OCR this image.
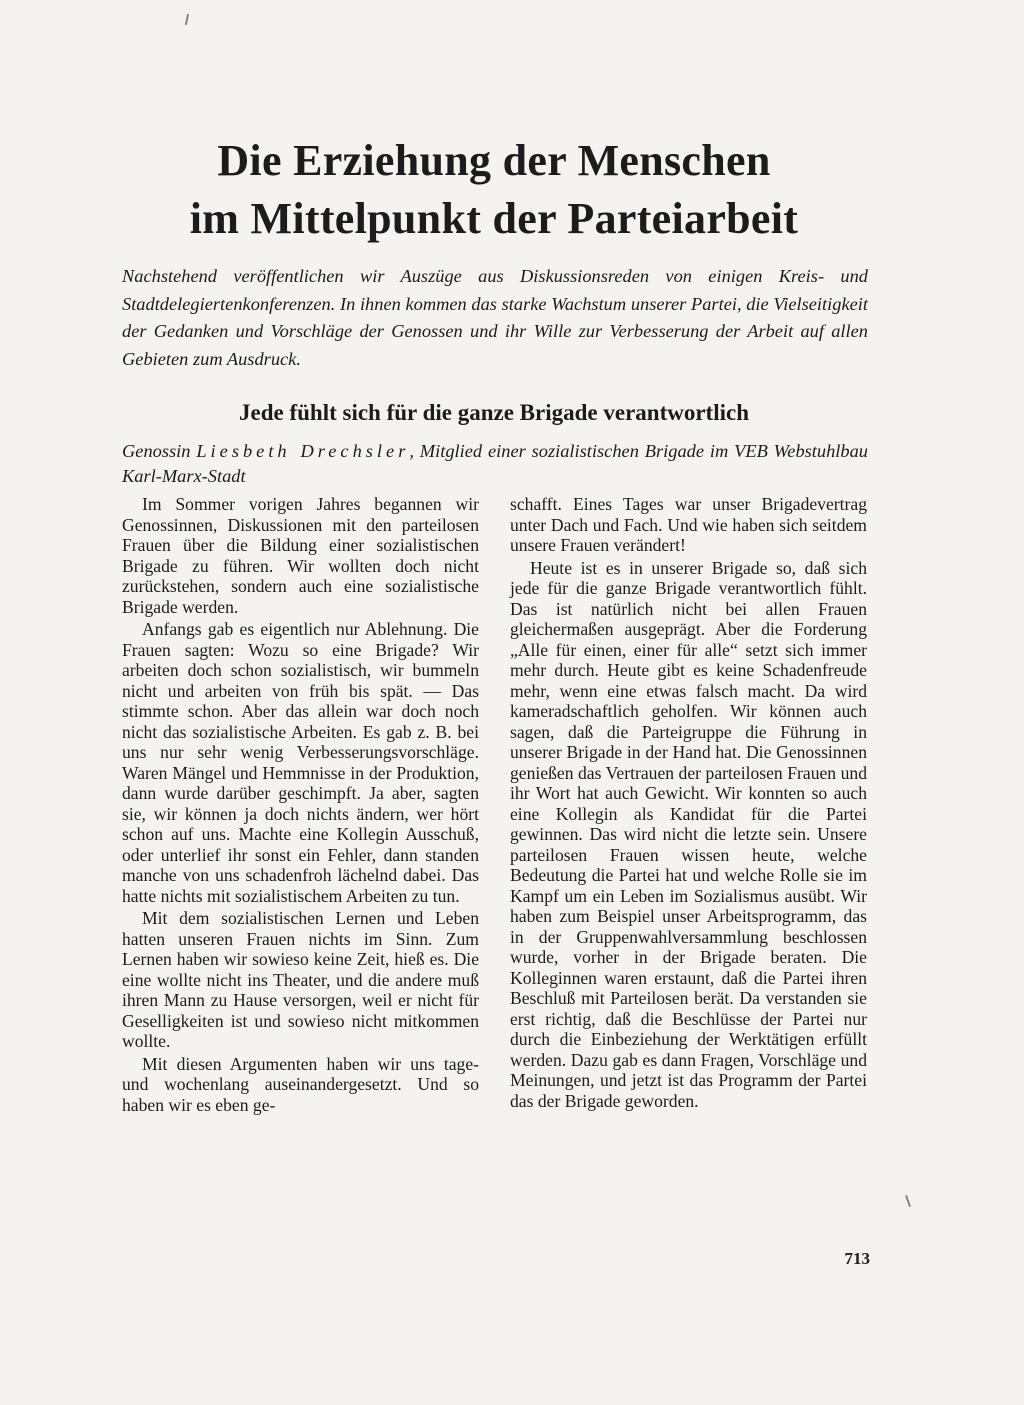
Die Erziehung der Menschen
im Mittelpunkt der Parteiarbeit

Nachstehend veröffentlichen wir Auszüge aus Diskussionsreden von einigen Kreis- und Stadtdelegiertenkonferenzen. In ihnen kommen das starke Wachstum unserer Partei, die Vielseitigkeit der Gedanken und Vorschläge der Genossen und ihr Wille zur Verbesserung der Arbeit auf allen Gebieten zum Ausdruck.

Jede fühlt sich für die ganze Brigade verantwortlich

Genossin Liesbeth Drechsler, Mitglied einer sozialistischen Brigade im VEB Webstuhlbau Karl-Marx-Stadt

Im Sommer vorigen Jahres begannen wir Genossinnen, Diskussionen mit den parteilosen Frauen über die Bildung einer sozialistischen Brigade zu führen. Wir wollten doch nicht zurückstehen, sondern auch eine sozialistische Brigade werden.

Anfangs gab es eigentlich nur Ablehnung. Die Frauen sagten: Wozu so eine Brigade? Wir arbeiten doch schon sozialistisch, wir bummeln nicht und arbeiten von früh bis spät. — Das stimmte schon. Aber das allein war doch noch nicht das sozialistische Arbeiten. Es gab z. B. bei uns nur sehr wenig Verbesserungsvorschläge. Waren Mängel und Hemmnisse in der Produktion, dann wurde darüber geschimpft. Ja aber, sagten sie, wir können ja doch nichts ändern, wer hört schon auf uns. Machte eine Kollegin Ausschuß, oder unterlief ihr sonst ein Fehler, dann standen manche von uns schadenfroh lächelnd dabei. Das hatte nichts mit sozialistischem Arbeiten zu tun.

Mit dem sozialistischen Lernen und Leben hatten unseren Frauen nichts im Sinn. Zum Lernen haben wir sowieso keine Zeit, hieß es. Die eine wollte nicht ins Theater, und die andere muß ihren Mann zu Hause versorgen, weil er nicht für Geselligkeiten ist und sowieso nicht mitkommen wollte.

Mit diesen Argumenten haben wir uns tage- und wochenlang auseinandergesetzt. Und so haben wir es eben ge-

schafft. Eines Tages war unser Brigadevertrag unter Dach und Fach. Und wie haben sich seitdem unsere Frauen verändert!

Heute ist es in unserer Brigade so, daß sich jede für die ganze Brigade verantwortlich fühlt. Das ist natürlich nicht bei allen Frauen gleichermaßen ausgeprägt. Aber die Forderung „Alle für einen, einer für alle“ setzt sich immer mehr durch. Heute gibt es keine Schadenfreude mehr, wenn eine etwas falsch macht. Da wird kameradschaftlich geholfen. Wir können auch sagen, daß die Parteigruppe die Führung in unserer Brigade in der Hand hat. Die Genossinnen genießen das Vertrauen der parteilosen Frauen und ihr Wort hat auch Gewicht. Wir konnten so auch eine Kollegin als Kandidat für die Partei gewinnen. Das wird nicht die letzte sein. Unsere parteilosen Frauen wissen heute, welche Bedeutung die Partei hat und welche Rolle sie im Kampf um ein Leben im Sozialismus ausübt. Wir haben zum Beispiel unser Arbeitsprogramm, das in der Gruppenwahlversammlung beschlossen wurde, vorher in der Brigade beraten. Die Kolleginnen waren erstaunt, daß die Partei ihren Beschluß mit Parteilosen berät. Da verstanden sie erst richtig, daß die Beschlüsse der Partei nur durch die Einbeziehung der Werktätigen erfüllt werden. Dazu gab es dann Fragen, Vorschläge und Meinungen, und jetzt ist das Programm der Partei das der Brigade geworden.

713
